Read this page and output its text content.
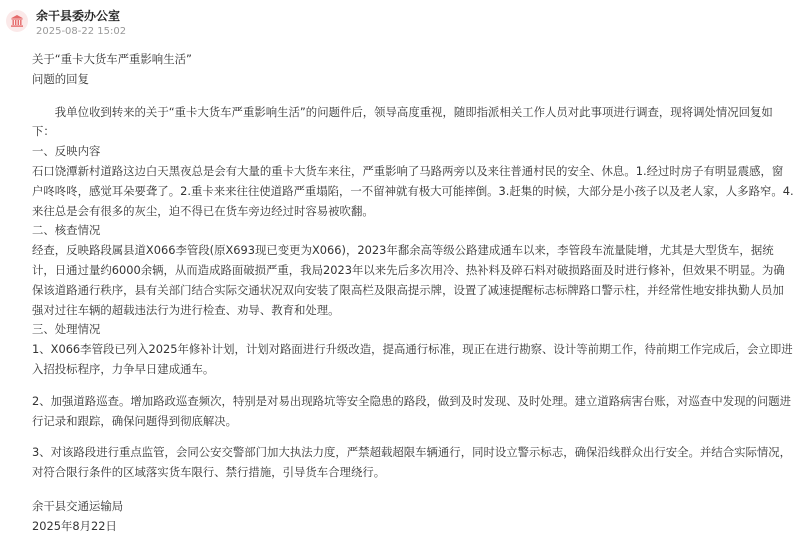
余干县委办公室
2025-08-22 15:02

关于“重卡大货车严重影响生活”

问题的回复

我单位收到转来的关于“重卡大货车严重影响生活”的问题件后，领导高度重视，随即指派相关工作人员对此事项进行调查，现将调处情况回复如下：

一、反映内容

石口饶潭新村道路这边白天黑夜总是会有大量的重卡大货车来往，严重影响了马路两旁以及来往普通村民的安全、休息。1.经过时房子有明显震感，窗户咚咚咚，感觉耳朵要聋了。2.重卡来来往往使道路严重塌陷，一不留神就有极大可能摔倒。3.赶集的时候，大部分是小孩子以及老人家，人多路窄。4.来往总是会有很多的灰尘，迫不得已在货车旁边经过时容易被吹翻。

二、核查情况

经查，反映路段属县道X066李管段(原X693现已变更为X066)，2023年鄱余高等级公路建成通车以来，李管段车流量陡增，尤其是大型货车，据统计，日通过量约6000余辆，从而造成路面破损严重，我局2023年以来先后多次用冷、热补料及碎石料对破损路面及时进行修补，但效果不明显。为确保该道路通行秩序，县有关部门结合实际交通状况双向安装了限高栏及限高提示牌，设置了减速提醒标志标牌路口警示柱，并经常性地安排执勤人员加强对过往车辆的超载违法行为进行检查、劝导、教育和处理。

三、处理情况

1、X066李管段已列入2025年修补计划，计划对路面进行升级改造，提高通行标准，现正在进行勘察、设计等前期工作，待前期工作完成后，会立即进入招投标程序，力争早日建成通车。

2、加强道路巡查。增加路政巡查频次，特别是对易出现路坑等安全隐患的路段，做到及时发现、及时处理。建立道路病害台账，对巡查中发现的问题进行记录和跟踪，确保问题得到彻底解决。

3、对该路段进行重点监管，会同公安交警部门加大执法力度，严禁超载超限车辆通行，同时设立警示标志，确保沿线群众出行安全。并结合实际情况，对符合限行条件的区域落实货车限行、禁行措施，引导货车合理绕行。

余干县交通运输局

2025年8月22日
